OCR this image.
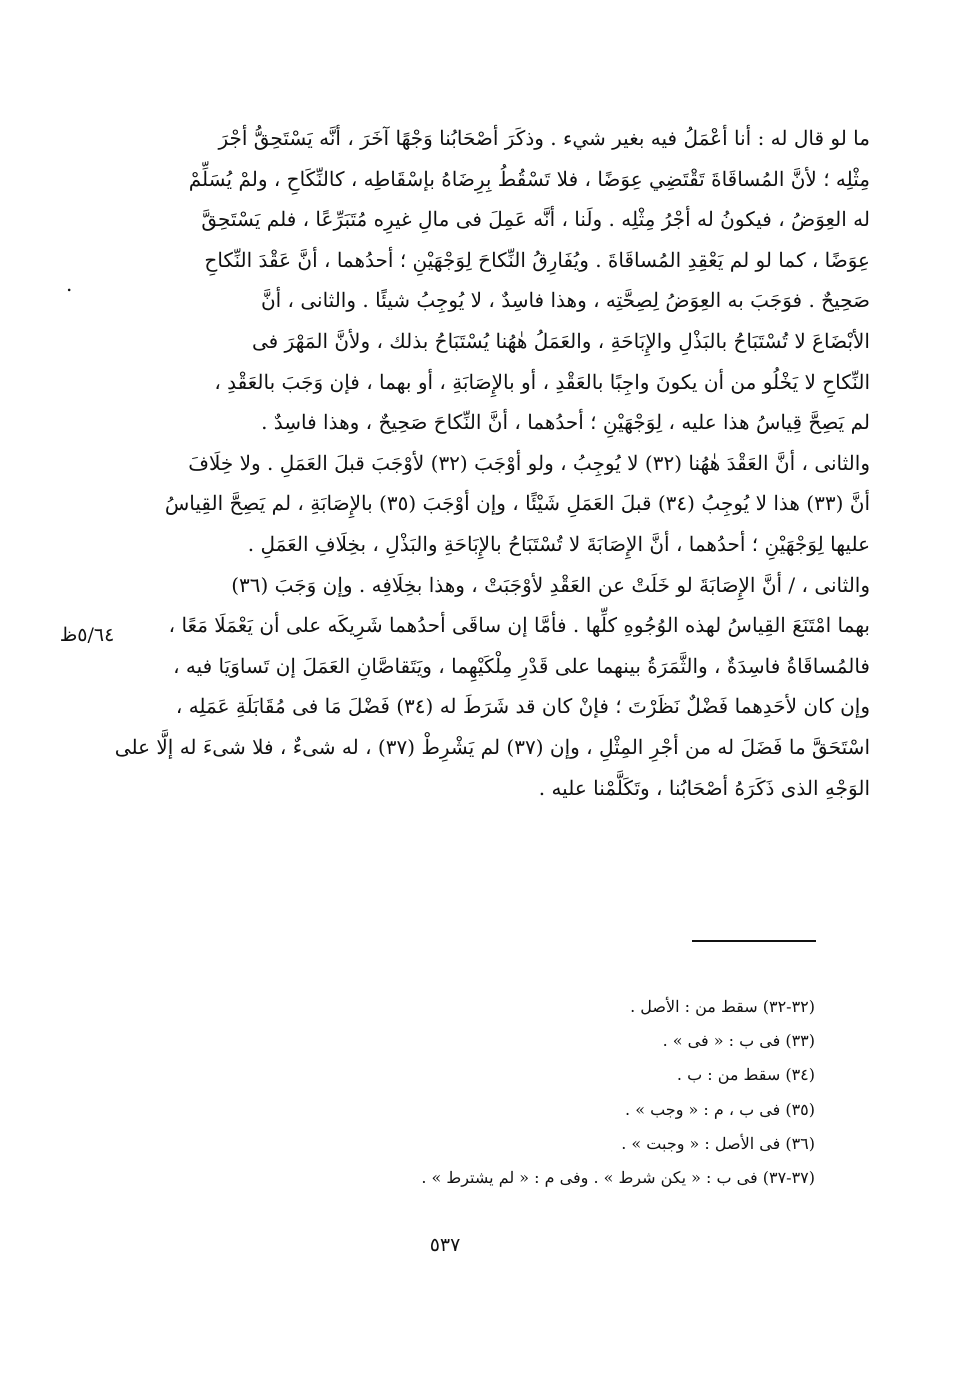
ما لو قال له : أنا أعْمَلُ فيه بغير شيء . وذكَرَ أصْحَابُنا وَجْهًا آخَرَ ، أنَّه يَسْتَحِقُّ أجْرَ
مِثْلِه ؛ لأنَّ المُساقَاةَ تَقْتَضِي عِوَضًا ، فلا تَسْقُطُ بِرِضَاهُ بإسْقَاطِه ، كالنِّكَاحِ ، ولمْ يُسَلِّمْ
له العِوَضُ ، فيكونُ له أجْرُ مِثْلِه . ولَنا ، أنَّه عَمِلَ فى مالِ غيرِه مُتَبَرِّعًا ، فلم يَسْتَحِقَّ
عِوَضًا ، كما لو لم يَعْقِدِ المُساقَاةَ . ويُفَارِقُ النِّكاحَ لِوَجْهَيْنِ ؛ أحدُهما ، أنَّ عَقْدَ النِّكاحِ
صَحِيحٌ . فوَجَبَ به العِوَضُ لِصِحَّتِه ، وهذا فاسِدٌ ، لا يُوجِبُ شيئًا . والثانى ، أنَّ
الأبْضَاعَ لا تُسْتَبَاحُ بالبَذْلِ والإِبَاحَةِ ، والعَمَلُ هٰهُنا يُسْتَبَاحُ بذلك ، ولأنَّ المَهْرَ فى
النِّكاحِ لا يَخْلُو من أن يكونَ واجِبًا بالعَقْدِ ، أو بالإِصَابَةِ ، أو بهما ، فإن وَجَبَ بالعَقْدِ ،
لم يَصِحَّ قِياسُ هذا عليه ، لِوَجْهَيْنِ ؛ أحدُهما ، أنَّ النِّكاحَ صَحِيحٌ ، وهذا فاسِدٌ .
والثانى ، أنَّ العَقْدَ هٰهُنا (٣٢) لا يُوجِبُ ، ولو أوْجَبَ (٣٢) لأوْجَبَ قبلَ العَمَلِ . ولا خِلَافَ
أنَّ (٣٣) هذا لا يُوجِبُ (٣٤) قبلَ العَمَلِ شَيْئًا ، وإن أوْجَبَ (٣٥) بالإِصَابَةِ ، لم يَصِحَّ القِياسُ
عليها لِوَجْهَيْنِ ؛ أحدُهما ، أنَّ الإِصَابَةَ لا تُسْتَبَاحُ بالإِبَاحَةِ والبَذْلِ ، بخِلَافِ العَمَلِ .
والثانى ، / أنَّ الإِصَابَةَ لو خَلَتْ عن العَقْدِ لأوْجَبَتْ ، وهذا بخِلَافِه . وإن وَجَبَ (٣٦)
بهما امْتَنَعَ القِياسُ لهذه الوُجُوهِ كلِّها . فأمَّا إن ساقَى أحدُهما شَرِيكَه على أن يَعْمَلَا مَعًا ،
فالمُساقَاةُ فاسِدَةٌ ، والثَّمَرَةُ بينهما على قَدْرِ مِلْكَيْهِما ، ويَتَقاصَّانِ العَمَلَ إن تَساوَيَا فيه ،
وإن كان لأحَدِهما فَضْلٌ نَظَرْتَ ؛ فإنْ كان قد شَرَطَ له (٣٤) فَضْلَ مَا فى مُقَابَلَةِ عَمَلِه ،
اسْتَحَقَّ ما فَضَلَ له من أجْرِ المِثْلِ ، وإن (٣٧) لم يَشْرِطْ (٣٧) ، له شىءٌ ، فلا شىءَ له إلَّا على
الوَجْهِ الذى ذَكَرَهُ أصْحَابُنا ، وتَكَلَّمْنا عليه .
.
٥/٦٤ظ
(٣٢-٣٢) سقط من : الأصل .
(٣٣) فى ب : « فى » .
(٣٤) سقط من : ب .
(٣٥) فى ب ، م : « وجب » .
(٣٦) فى الأصل : « وجبت » .
(٣٧-٣٧) فى ب : « يكن شرط » . وفى م : « لم يشترط » .
٥٣٧
